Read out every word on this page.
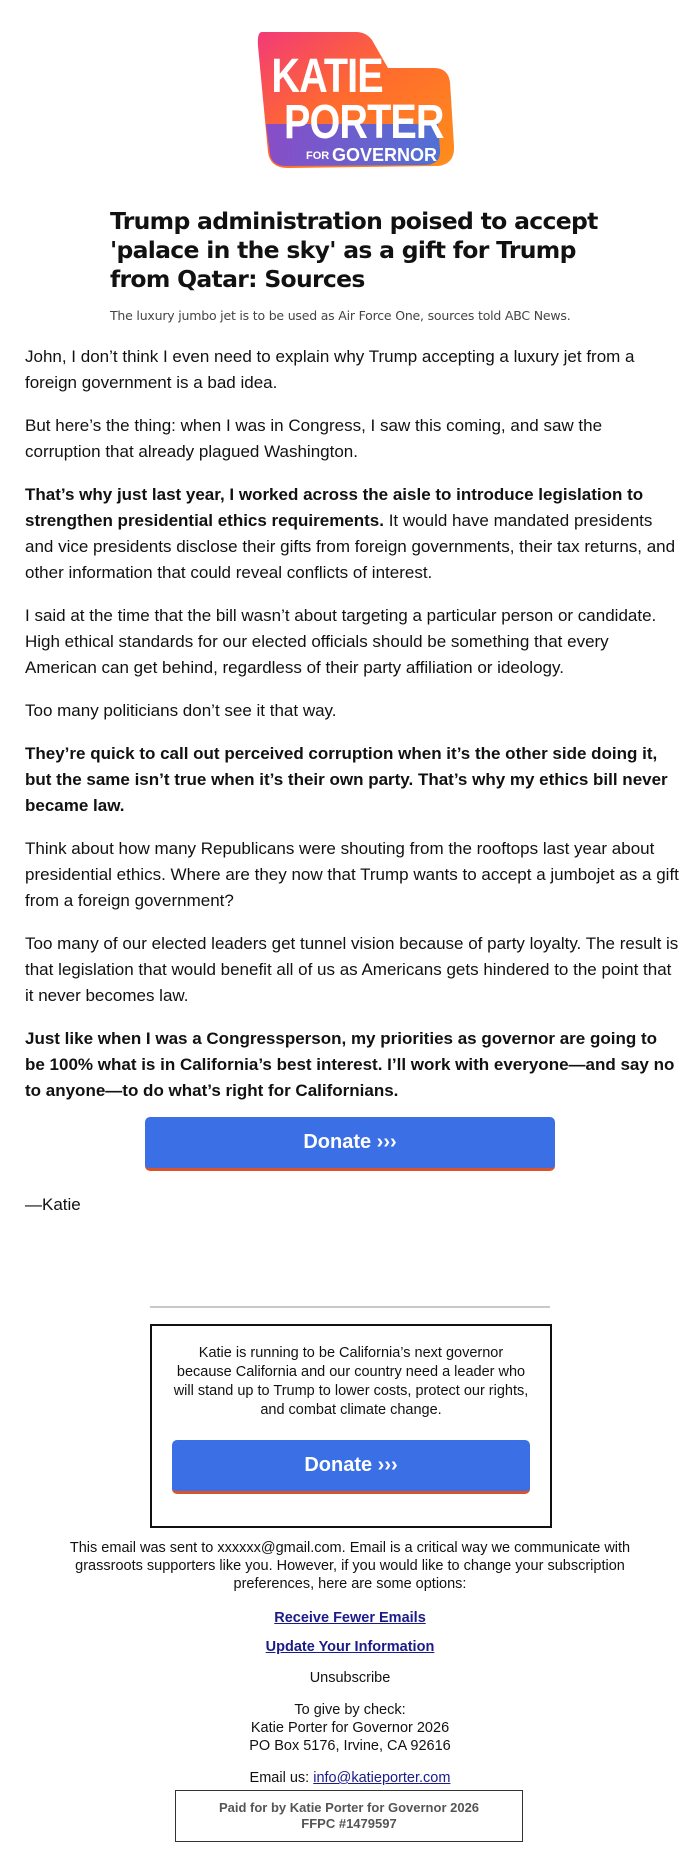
KATIE
PORTER
FOR GOVERNOR
Trump administration poised to accept 'palace in the sky' as a gift for Trump from Qatar: Sources
The luxury jumbo jet is to be used as Air Force One, sources told ABC News.

John, I don’t think I even need to explain why Trump accepting a luxury jet from a foreign government is a bad idea.

But here’s the thing: when I was in Congress, I saw this coming, and saw the corruption that already plagued Washington.

That’s why just last year, I worked across the aisle to introduce legislation to strengthen presidential ethics requirements. It would have mandated presidents and vice presidents disclose their gifts from foreign governments, their tax returns, and other information that could reveal conflicts of interest.

I said at the time that the bill wasn’t about targeting a particular person or candidate. High ethical standards for our elected officials should be something that every American can get behind, regardless of their party affiliation or ideology.

Too many politicians don’t see it that way.

They’re quick to call out perceived corruption when it’s the other side doing it, but the same isn’t true when it’s their own party. That’s why my ethics bill never became law.

Think about how many Republicans were shouting from the rooftops last year about presidential ethics. Where are they now that Trump wants to accept a jumbojet as a gift from a foreign government?

Too many of our elected leaders get tunnel vision because of party loyalty. The result is that legislation that would benefit all of us as Americans gets hindered to the point that it never becomes law.

Just like when I was a Congressperson, my priorities as governor are going to be 100% what is in California’s best interest. I’ll work with everyone—and say no to anyone—to do what’s right for Californians.

Donate ›››
—Katie
Katie is running to be California’s next governor because California and our country need a leader who will stand up to Trump to lower costs, protect our rights, and combat climate change.
Donate ›››

This email was sent to xxxxxx@gmail.com. Email is a critical way we communicate with grassroots supporters like you. However, if you would like to change your subscription preferences, here are some options:

Receive Fewer Emails

Update Your Information

Unsubscribe

To give by check:

Katie Porter for Governor 2026

PO Box 5176, Irvine, CA 92616

Email us: info@katieporter.com

Paid for by Katie Porter for Governor 2026
FFPC #1479597
